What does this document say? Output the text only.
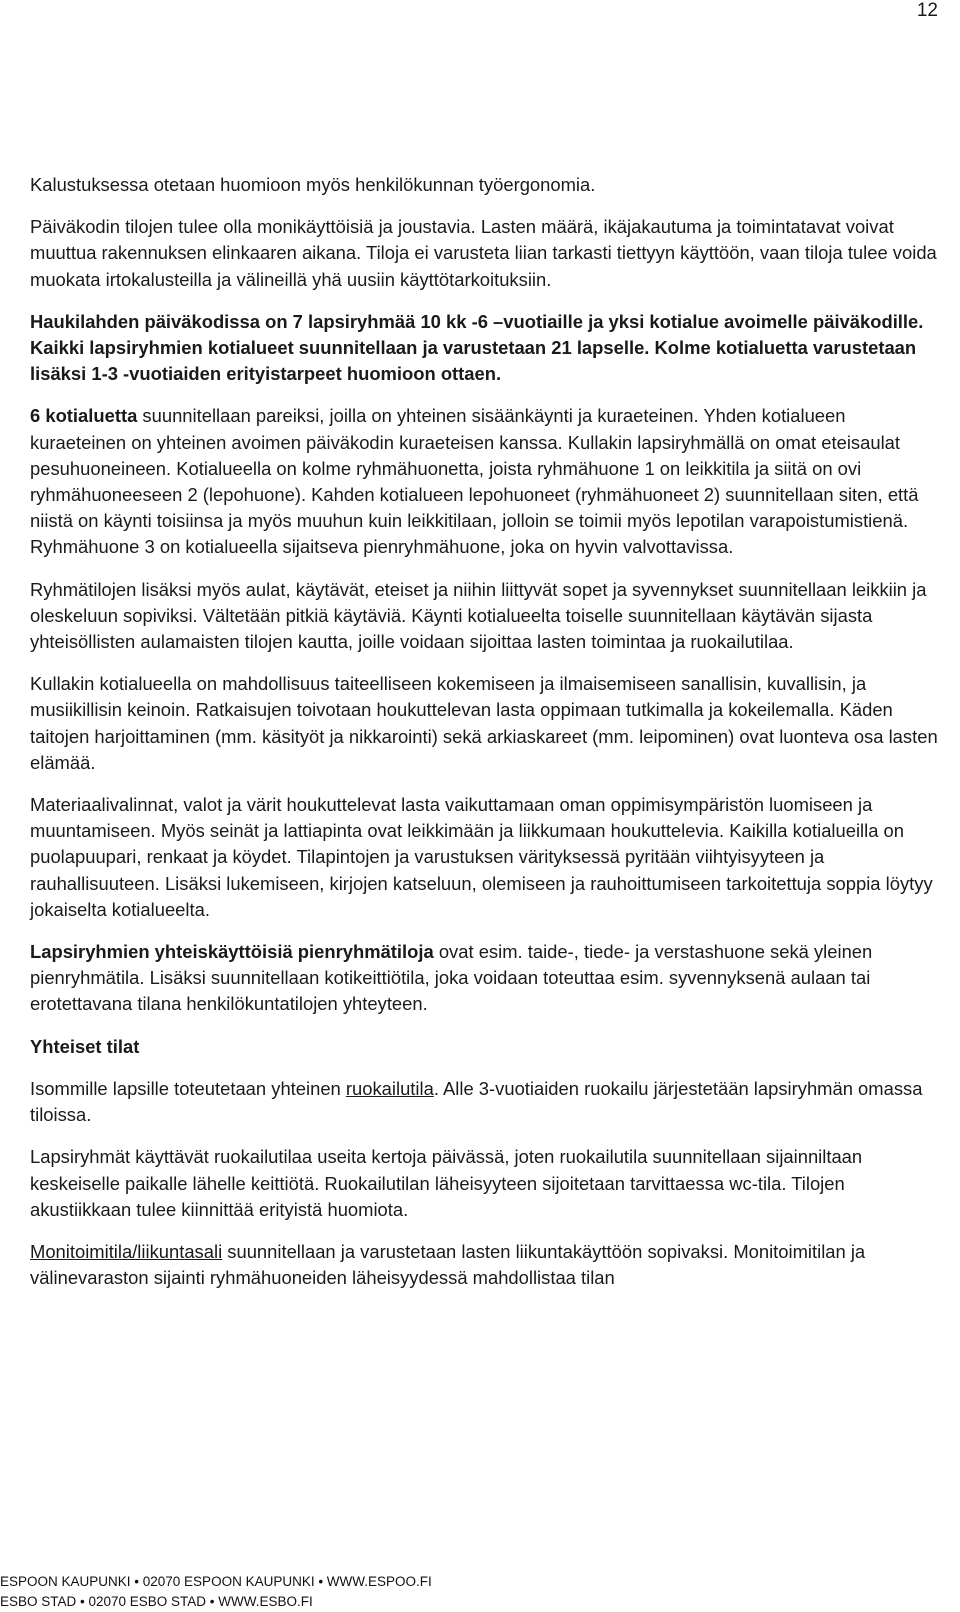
12

Kalustuksessa otetaan huomioon myös henkilökunnan työergonomia.

Päiväkodin tilojen tulee olla monikäyttöisiä ja joustavia. Lasten määrä, ikäjakautuma ja toimintatavat voivat muuttua rakennuksen elinkaaren aikana. Tiloja ei varusteta liian tarkasti tiettyyn käyttöön, vaan tiloja tulee voida muokata irtokalusteilla ja välineillä yhä uusiin käyttötarkoituksiin.

Haukilahden päiväkodissa on 7 lapsiryhmää 10 kk -6 –vuotiaille ja yksi kotialue avoimelle päiväkodille. Kaikki lapsiryhmien kotialueet suunnitellaan ja varustetaan 21 lapselle. Kolme kotialuetta varustetaan lisäksi 1-3 -vuotiaiden erityistarpeet huomioon ottaen.

6 kotialuetta suunnitellaan pareiksi, joilla on yhteinen sisäänkäynti ja kuraeteinen. Yhden kotialueen kuraeteinen on yhteinen avoimen päiväkodin kuraeteisen kanssa. Kullakin lapsiryhmällä on omat eteisaulat pesuhuoneineen. Kotialueella on kolme ryhmähuonetta, joista ryhmähuone 1 on leikkitila ja siitä on ovi ryhmähuoneeseen 2 (lepohuone). Kahden kotialueen lepohuoneet (ryhmähuoneet 2) suunnitellaan siten, että niistä on käynti toisiinsa ja myös muuhun kuin leikkitilaan, jolloin se toimii myös lepotilan varapoistumistienä. Ryhmähuone 3 on kotialueella sijaitseva pienryhmähuone, joka on hyvin valvottavissa.

Ryhmätilojen lisäksi myös aulat, käytävät, eteiset ja niihin liittyvät sopet ja syvennykset suunnitellaan leikkiin ja oleskeluun sopiviksi. Vältetään pitkiä käytäviä. Käynti kotialueelta toiselle suunnitellaan käytävän sijasta yhteisöllisten aulamaisten tilojen kautta, joille voidaan sijoittaa lasten toimintaa ja ruokailutilaa.

Kullakin kotialueella on mahdollisuus taiteelliseen kokemiseen ja ilmaisemiseen sanallisin, kuvallisin, ja musiikillisin keinoin. Ratkaisujen toivotaan houkuttelevan lasta oppimaan tutkimalla ja kokeilemalla. Käden taitojen harjoittaminen (mm. käsityöt ja nikkarointi) sekä arkiaskareet (mm. leipominen) ovat luonteva osa lasten elämää.

Materiaalivalinnat, valot ja värit houkuttelevat lasta vaikuttamaan oman oppimisympäristön luomiseen ja muuntamiseen. Myös seinät ja lattiapinta ovat leikkimään ja liikkumaan houkuttelevia. Kaikilla kotialueilla on puolapuupari, renkaat ja köydet. Tilapintojen ja varustuksen värityksessä pyritään viihtyisyyteen ja rauhallisuuteen. Lisäksi lukemiseen, kirjojen katseluun, olemiseen ja rauhoittumiseen tarkoitettuja soppia löytyy jokaiselta kotialueelta.

Lapsiryhmien yhteiskäyttöisiä pienryhmätiloja ovat esim. taide-, tiede- ja verstashuone sekä yleinen pienryhmätila. Lisäksi suunnitellaan kotikeittiötila, joka voidaan toteuttaa esim. syvennyksenä aulaan tai erotettavana tilana henkilökuntatilojen yhteyteen.

Yhteiset tilat

Isommille lapsille toteutetaan yhteinen ruokailutila. Alle 3-vuotiaiden ruokailu järjestetään lapsiryhmän omassa tiloissa.

Lapsiryhmät käyttävät ruokailutilaa useita kertoja päivässä, joten ruokailutila suunnitellaan sijainniltaan keskeiselle paikalle lähelle keittiötä. Ruokailutilan läheisyyteen sijoitetaan tarvittaessa wc-tila. Tilojen akustiikkaan tulee kiinnittää erityistä huomiota.

Monitoimitila/liikuntasali suunnitellaan ja varustetaan lasten liikuntakäyttöön sopivaksi. Monitoimitilan ja välinevaraston sijainti ryhmähuoneiden läheisyydessä mahdollistaa tilan

ESPOON KAUPUNKI • 02070 ESPOON KAUPUNKI • WWW.ESPOO.FI
ESBO STAD • 02070 ESBO STAD • WWW.ESBO.FI
